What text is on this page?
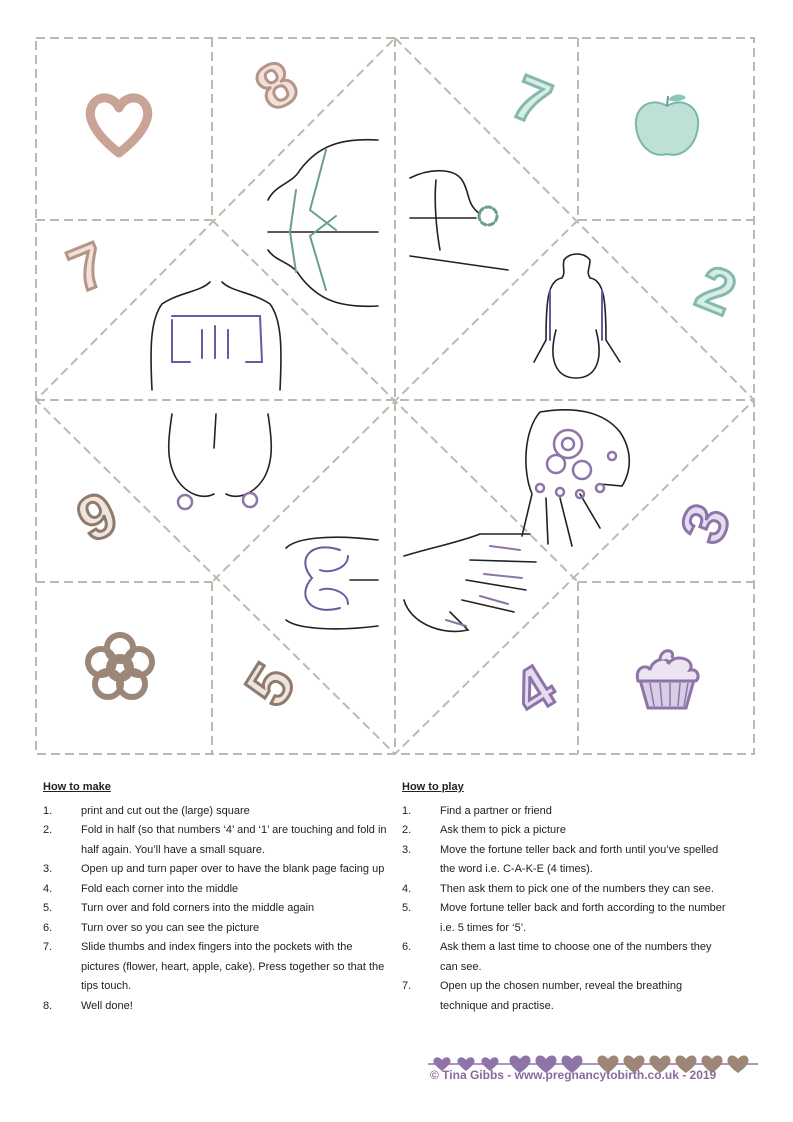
8	7
7	2
9	3
5	4
How to make
1.	print and cut out the (large) square
2.	Fold in half (so that numbers ‘4’ and ‘1’ are touching and fold in half again. You’ll have a small square.
3.	Open up and turn paper over to have the blank page facing up
4.	Fold each corner into the middle
5.	Turn over and fold corners into the middle again
6.	Turn over so you can see the picture
7.	Slide thumbs and index fingers into the pockets with the pictures (flower, heart, apple, cake). Press together so that the tips touch.
8.	Well done!
How to play
1.	Find a partner or friend
2.	Ask them to pick a picture
3.	Move the fortune teller back and forth until you’ve spelled the word i.e. C-A-K-E (4 times).
4.	Then ask them to pick one of the numbers they can see.
5.	Move fortune teller back and forth according to the number i.e. 5 times for ‘5’.
6.	Ask them a last time to choose one of the numbers they can see.
7.	Open up the chosen number, reveal the breathing technique and practise.
© Tina Gibbs - www.pregnancytobirth.co.uk - 2019
